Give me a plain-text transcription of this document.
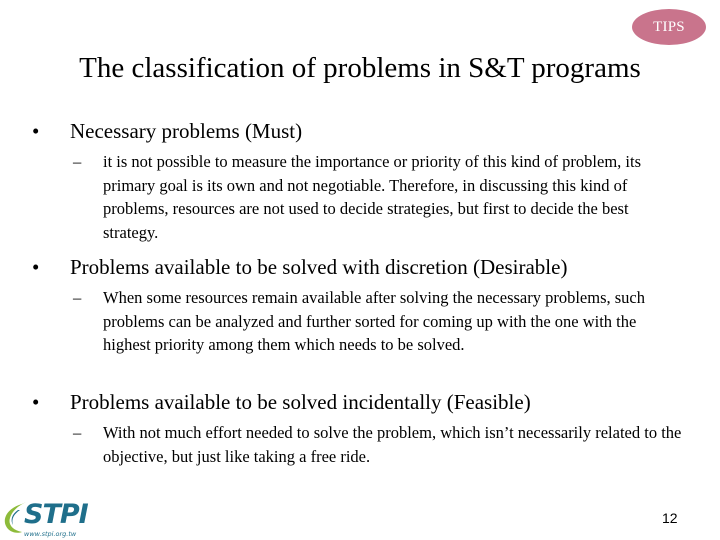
TIPS
The classification of problems in S&T programs
• Necessary problems (Must)
– it is not possible to measure the importance or priority of this kind of problem, its primary goal is its own and not negotiable. Therefore, in discussing this kind of problems, resources are not used to decide strategies, but first to decide the best strategy.
• Problems available to be solved with discretion (Desirable)
– When some resources remain available after solving the necessary problems, such problems can be analyzed and further sorted for coming up with the one with the highest priority among them which needs to be solved.
• Problems available to be solved incidentally (Feasible)
– With not much effort needed to solve the problem, which isn’t necessarily related to the objective, but just like taking a free ride.
STPI
www.stpi.org.tw
12
